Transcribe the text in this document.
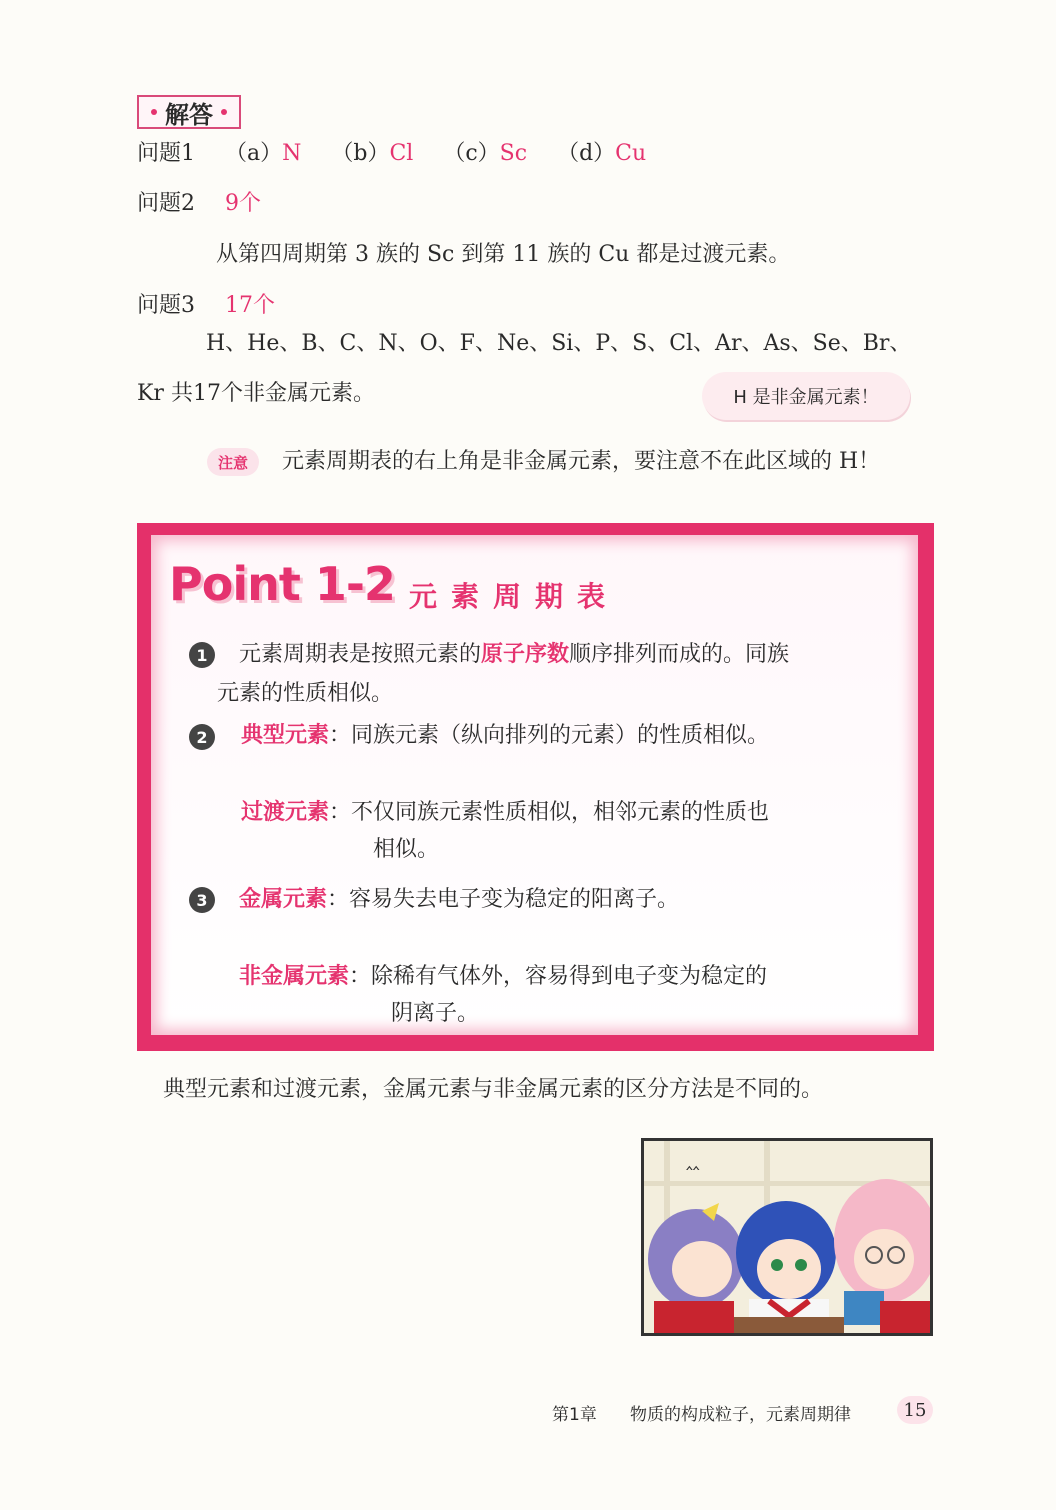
解答
问题1 （a）N （b）Cl （c）Sc （d）Cu
问题2 9个
从第四周期第 3 族的 Sc 到第 11 族的 Cu 都是过渡元素。
问题3 17个
H、He、B、C、N、O、F、Ne、Si、P、S、Cl、Ar、As、Se、Br、
Kr 共17个非金属元素。	H 是非金属元素！
注意 元素周期表的右上角是非金属元素，要注意不在此区域的 H！
Point 1-2 元素周期表
1 元素周期表是按照元素的原子序数顺序排列而成的。同族
元素的性质相似。
2 典型元素：同族元素（纵向排列的元素）的性质相似。
过渡元素：不仅同族元素性质相似，相邻元素的性质也
相似。
3 金属元素：容易失去电子变为稳定的阳离子。
非金属元素：除稀有气体外，容易得到电子变为稳定的
阴离子。
典型元素和过渡元素，金属元素与非金属元素的区分方法是不同的。
‸‸
第1章 物质的构成粒子，元素周期律	15
